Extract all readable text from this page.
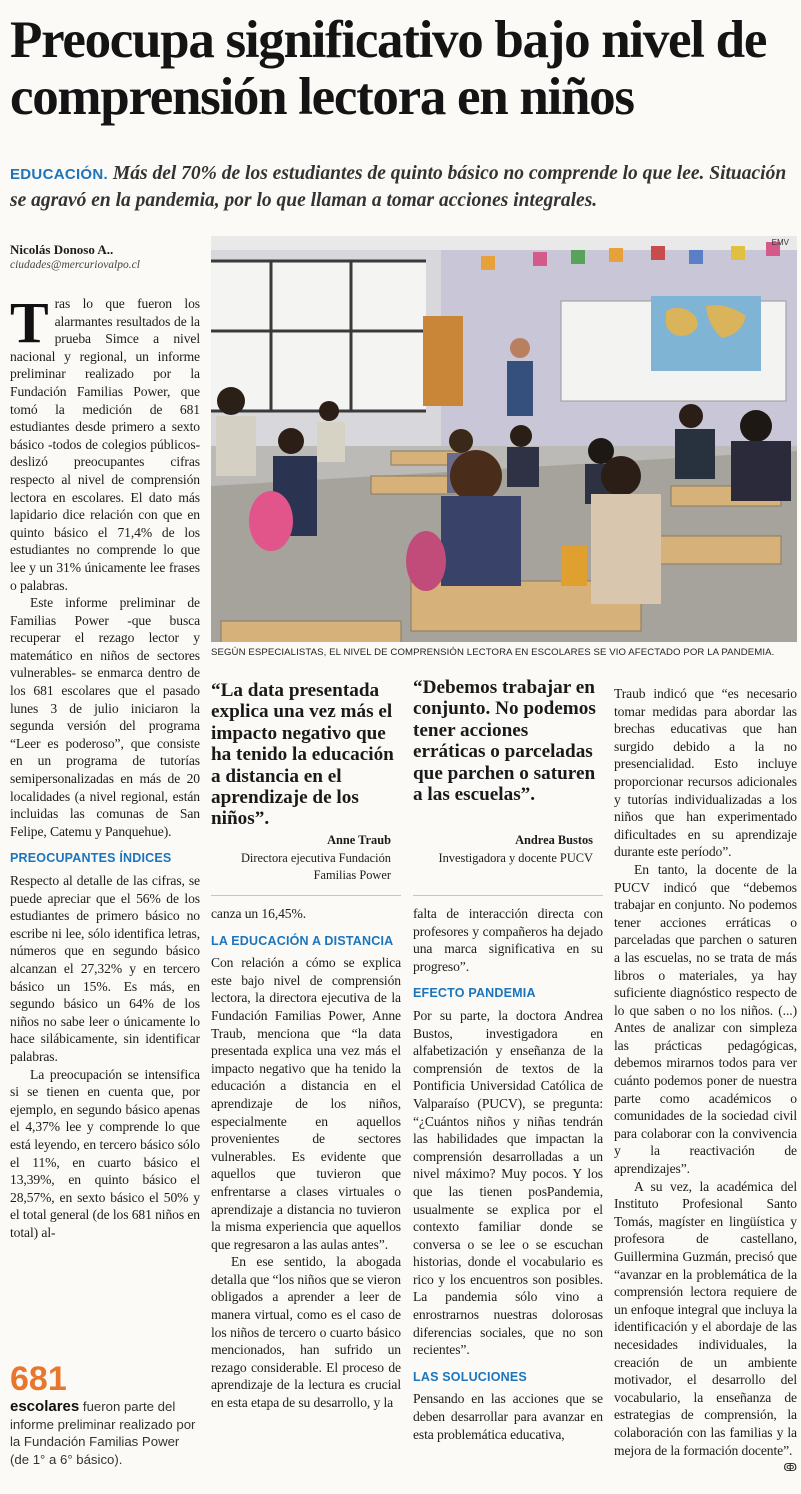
Preocupa significativo bajo nivel de comprensión lectora en niños
EDUCACIÓN. Más del 70% de los estudiantes de quinto básico no comprende lo que lee. Situación se agravó en la pandemia, por lo que llaman a tomar acciones integrales.
Nicolás Donoso A..
ciudades@mercuriovalpo.cl

Tras lo que fueron los alarmantes resultados de la prueba Simce a nivel nacional y regional, un informe preliminar realizado por la Fundación Familias Power, que tomó la medición de 681 estudiantes desde primero a sexto básico -todos de colegios públicos- deslizó preocupantes cifras respecto al nivel de comprensión lectora en escolares. El dato más lapidario dice relación con que en quinto básico el 71,4% de los estudiantes no comprende lo que lee y un 31% únicamente lee frases o palabras.

Este informe preliminar de Familias Power -que busca recuperar el rezago lector y matemático en niños de sectores vulnerables- se enmarca dentro de los 681 escolares que el pasado lunes 3 de julio iniciaron la segunda versión del programa “Leer es poderoso”, que consiste en un programa de tutorías semipersonalizadas en más de 20 localidades (a nivel regional, están incluidas las comunas de San Felipe, Catemu y Panquehue).

PREOCUPANTES ÍNDICES

Respecto al detalle de las cifras, se puede apreciar que el 56% de los estudiantes de primero básico no escribe ni lee, sólo identifica letras, números que en segundo básico alcanzan el 27,32% y en tercero básico un 15%. Es más, en segundo básico un 64% de los niños no sabe leer o únicamente lo hace silábicamente, sin identificar palabras.

La preocupación se intensifica si se tienen en cuenta que, por ejemplo, en segundo básico apenas el 4,37% lee y comprende lo que está leyendo, en tercero básico sólo el 11%, en cuarto básico el 13,39%, en quinto básico el 28,57%, en sexto básico el 50% y el total general (de los 681 niños en total) al-

681
escolares fueron parte del informe preliminar realizado por la Fundación Familias Power (de 1° a 6° básico).
EMV
SEGÚN ESPECIALISTAS, EL NIVEL DE COMPRENSIÓN LECTORA EN ESCOLARES SE VIO AFECTADO POR LA PANDEMIA.
“La data presentada explica una vez más el impacto negativo que ha tenido la educación a distancia en el aprendizaje de los niños”.
Anne Traub
Directora ejecutiva Fundación Familias Power
“Debemos trabajar en conjunto. No podemos tener acciones erráticas o parceladas que parchen o saturen a las escuelas”.
Andrea Bustos
Investigadora y docente PUCV

canza un 16,45%.

LA EDUCACIÓN A DISTANCIA

Con relación a cómo se explica este bajo nivel de comprensión lectora, la directora ejecutiva de la Fundación Familias Power, Anne Traub, menciona que “la data presentada explica una vez más el impacto negativo que ha tenido la educación a distancia en el aprendizaje de los niños, especialmente en aquellos provenientes de sectores vulnerables. Es evidente que aquellos que tuvieron que enfrentarse a clases virtuales o aprendizaje a distancia no tuvieron la misma experiencia que aquellos que regresaron a las aulas antes”.

En ese sentido, la abogada detalla que “los niños que se vieron obligados a aprender a leer de manera virtual, como es el caso de los niños de tercero o cuarto básico mencionados, han sufrido un rezago considerable. El proceso de aprendizaje de la lectura es crucial en esta etapa de su desarrollo, y la

falta de interacción directa con profesores y compañeros ha dejado una marca significativa en su progreso”.

EFECTO PANDEMIA

Por su parte, la doctora Andrea Bustos, investigadora en alfabetización y enseñanza de la comprensión de textos de la Pontificia Universidad Católica de Valparaíso (PUCV), se pregunta: “¿Cuántos niños y niñas tendrán las habilidades que impactan la comprensión desarrolladas a un nivel máximo? Muy pocos. Y los que las tienen posPandemia, usualmente se explica por el contexto familiar donde se conversa o se lee o se escuchan historias, donde el vocabulario es rico y los encuentros son posibles. La pandemia sólo vino a enrostrarnos nuestras dolorosas diferencias sociales, que no son recientes”.

LAS SOLUCIONES

Pensando en las acciones que se deben desarrollar para avanzar en esta problemática educativa,

Traub indicó que “es necesario tomar medidas para abordar las brechas educativas que han surgido debido a la no presencialidad. Esto incluye proporcionar recursos adicionales y tutorías individualizadas a los niños que han experimentado dificultades en su aprendizaje durante este período”.

En tanto, la docente de la PUCV indicó que “debemos trabajar en conjunto. No podemos tener acciones erráticas o parceladas que parchen o saturen a las escuelas, no se trata de más libros o materiales, ya hay suficiente diagnóstico respecto de lo que saben o no los niños. (...) Antes de analizar con simpleza las prácticas pedagógicas, debemos mirarnos todos para ver cuánto podemos poner de nuestra parte como académicos o comunidades de la sociedad civil para colaborar con la convivencia y la reactivación de aprendizajes”.

A su vez, la académica del Instituto Profesional Santo Tomás, magíster en lingüística y profesora de castellano, Guillermina Guzmán, precisó que “avanzar en la problemática de la comprensión lectora requiere de un enfoque integral que incluya la identificación y el abordaje de las necesidades individuales, la creación de un ambiente motivador, el desarrollo del vocabulario, la enseñanza de estrategias de comprensión, la colaboración con las familias y la mejora de la formación docente”.
ↂ
